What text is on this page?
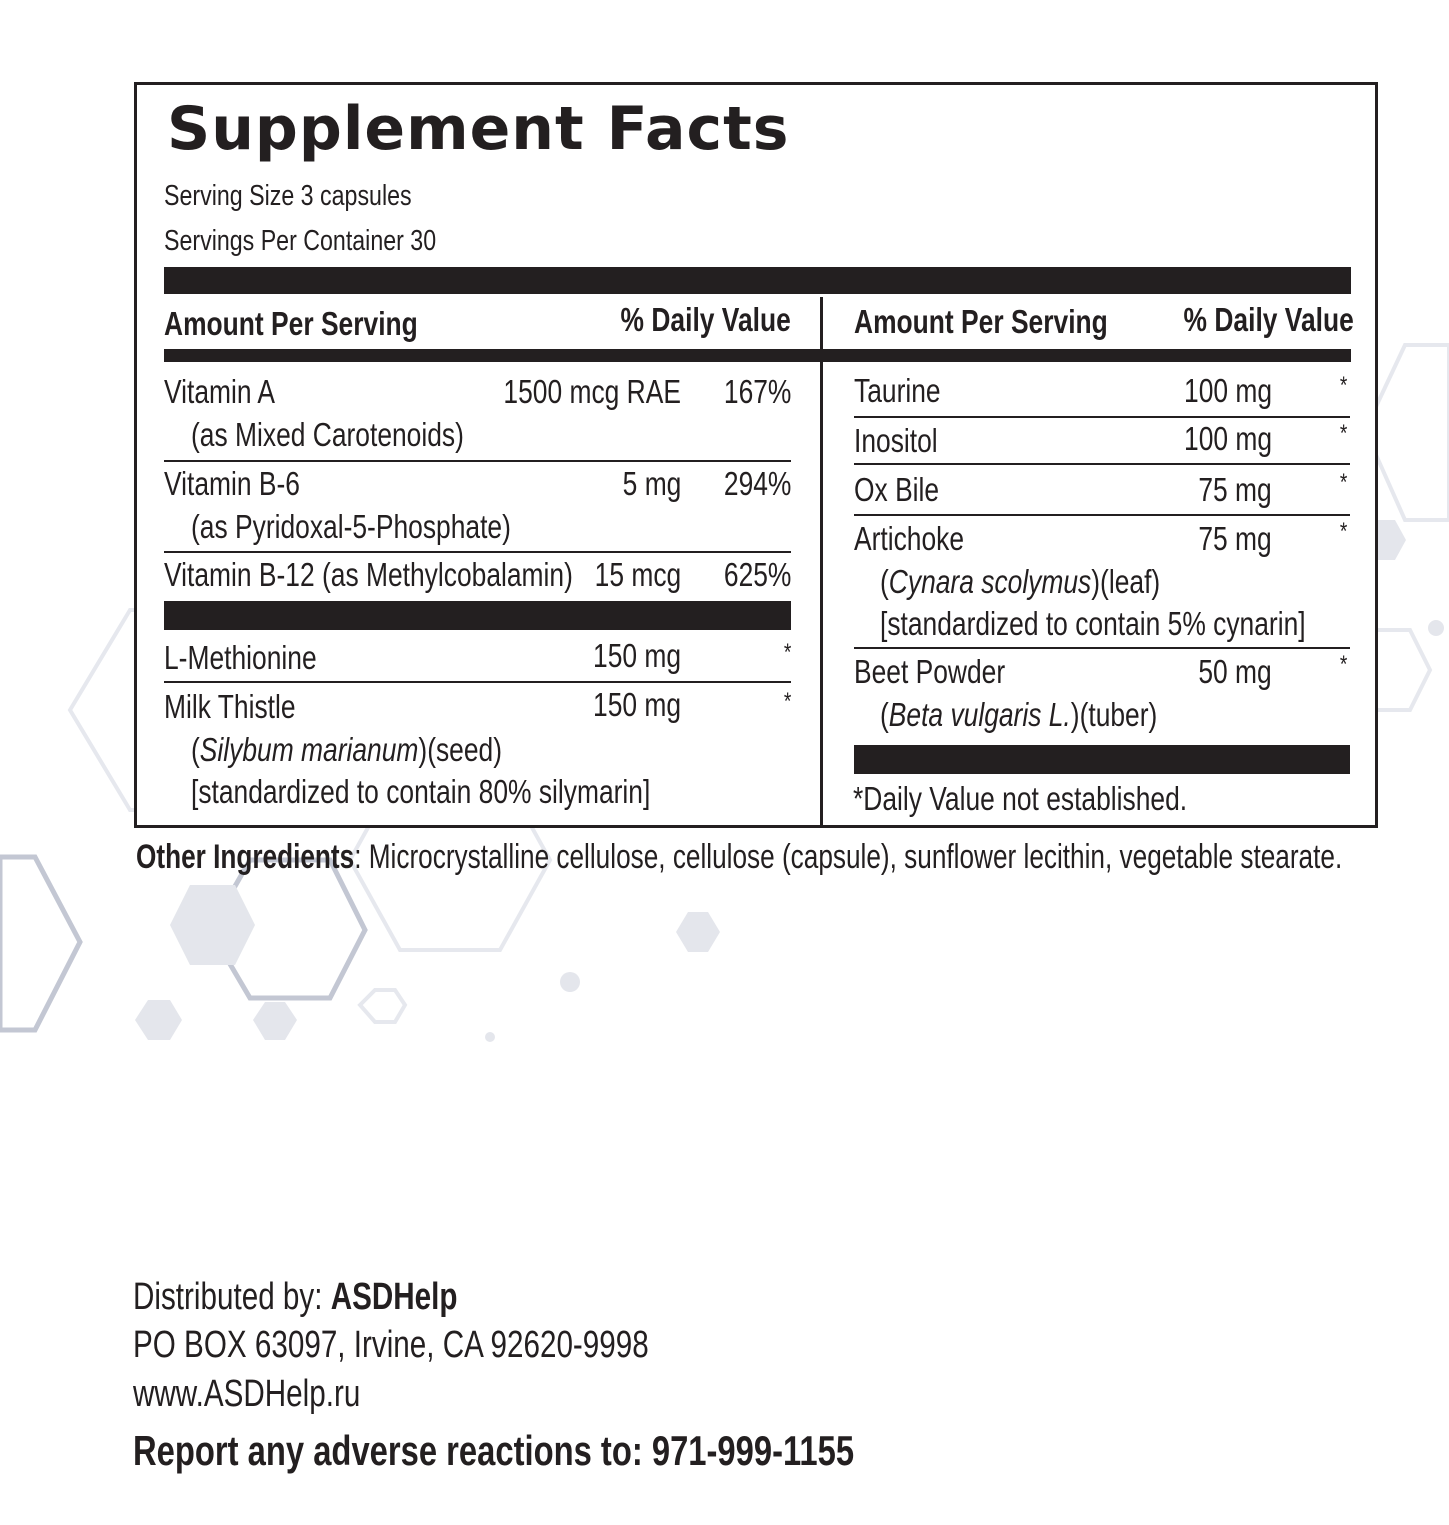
Supplement Facts
Serving Size 3 capsules
Servings Per Container 30
Amount Per Serving	% Daily Value Amount Per Serving % Daily Value
Vitamin A	1500 mcg RAE 167%
(as Mixed Carotenoids)
Vitamin B-6	5 mg 294%
(as Pyridoxal-5-Phosphate)
Vitamin B-12 (as Methylcobalamin) 15 mcg 625%
L-Methionine	150 mg	*
Milk Thistle	150 mg	*
(Silybum marianum)(seed)
[standardized to contain 80% silymarin]
Taurine	100 mg	*
Inositol	100 mg	*
Ox Bile	75 mg	*
Artichoke	75 mg	*
(Cynara scolymus)(leaf)
[standardized to contain 5% cynarin]
Beet Powder	50 mg	*
(Beta vulgaris L.)(tuber)
*Daily Value not established.
Other Ingredients: Microcrystalline cellulose, cellulose (capsule), sunflower lecithin, vegetable stearate.
Distributed by: ASDHelp
PO BOX 63097, Irvine, CA 92620-9998
www.ASDHelp.ru
Report any adverse reactions to: 971-999-1155
